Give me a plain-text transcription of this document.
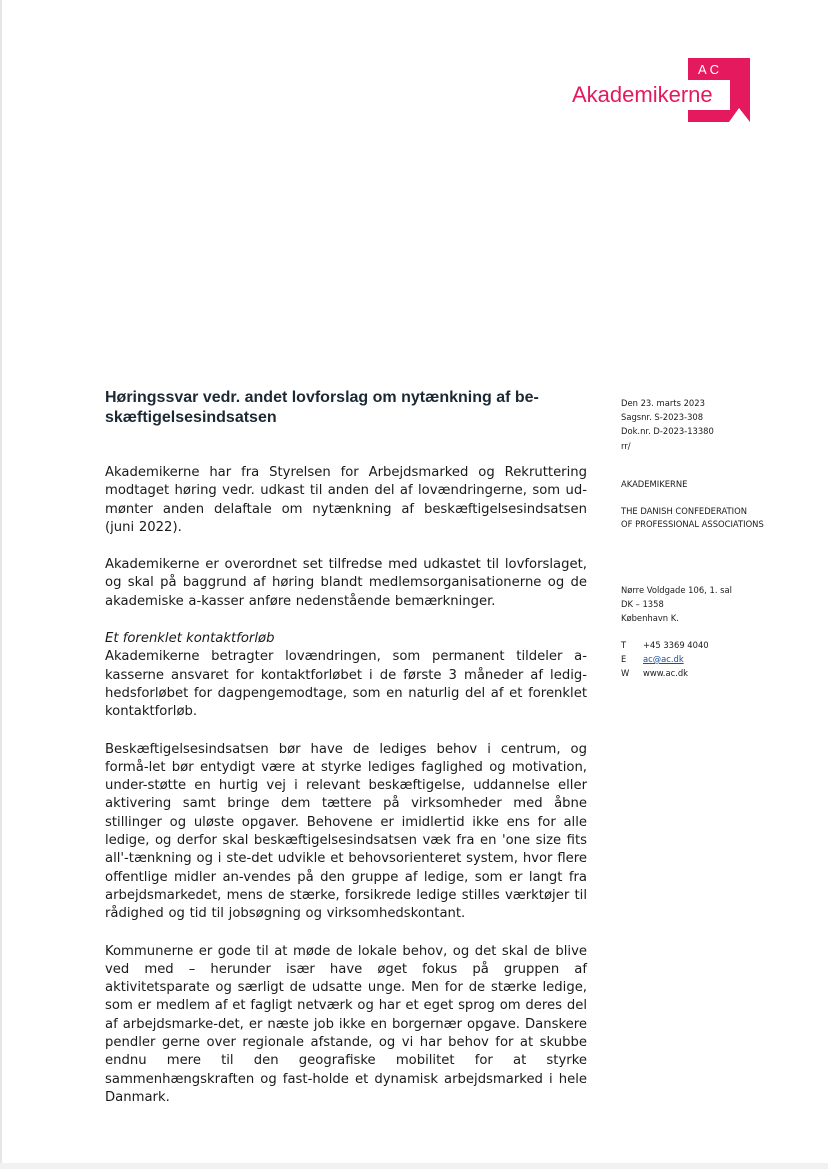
AC
Akademikerne
Høringssvar vedr. andet lovforslag om nytænkning af be-
skæftigelsesindsatsen

Akademikerne har fra Styrelsen for Arbejdsmarked og Rekruttering modtaget høring vedr. udkast til anden del af lovændringerne, som ud-mønter anden delaftale om nytænkning af beskæftigelsesindsatsen (juni 2022).

Akademikerne er overordnet set tilfredse med udkastet til lovforslaget, og skal på baggrund af høring blandt medlemsorganisationerne og de akademiske a-kasser anføre nedenstående bemærkninger.

Et forenklet kontaktforløb

Akademikerne betragter lovændringen, som permanent tildeler a-kasserne ansvaret for kontaktforløbet i de første 3 måneder af ledig-hedsforløbet for dagpengemodtage, som en naturlig del af et forenklet kontaktforløb.

Beskæftigelsesindsatsen bør have de lediges behov i centrum, og formå-let bør entydigt være at styrke lediges faglighed og motivation, under-støtte en hurtig vej i relevant beskæftigelse, uddannelse eller aktivering samt bringe dem tættere på virksomheder med åbne stillinger og uløste opgaver. Behovene er imidlertid ikke ens for alle ledige, og derfor skal beskæftigelsesindsatsen væk fra en 'one size fits all'-tænkning og i ste-det udvikle et behovsorienteret system, hvor flere offentlige midler an-vendes på den gruppe af ledige, som er langt fra arbejdsmarkedet, mens de stærke, forsikrede ledige stilles værktøjer til rådighed og tid til jobsøgning og virksomhedskontant.

Kommunerne er gode til at møde de lokale behov, og det skal de blive ved med – herunder især have øget fokus på gruppen af aktivitetsparate og særligt de udsatte unge. Men for de stærke ledige, som er medlem af et fagligt netværk og har et eget sprog om deres del af arbejdsmarke-det, er næste job ikke en borgernær opgave. Danskere pendler gerne over regionale afstande, og vi har behov for at skubbe endnu mere til den geografiske mobilitet for at styrke sammenhængskraften og fast-holde et dynamisk arbejdsmarked i hele Danmark.

Den 23. marts 2023
Sagsnr. S-2023-308
Dok.nr. D-2023-13380
rr/
AKADEMIKERNE
THE DANISH CONFEDERATION
OF PROFESSIONAL ASSOCIATIONS
Nørre Voldgade 106, 1. sal
DK – 1358
København K.
T	+45 3369 4040
E	ac@ac.dk
W	www.ac.dk
